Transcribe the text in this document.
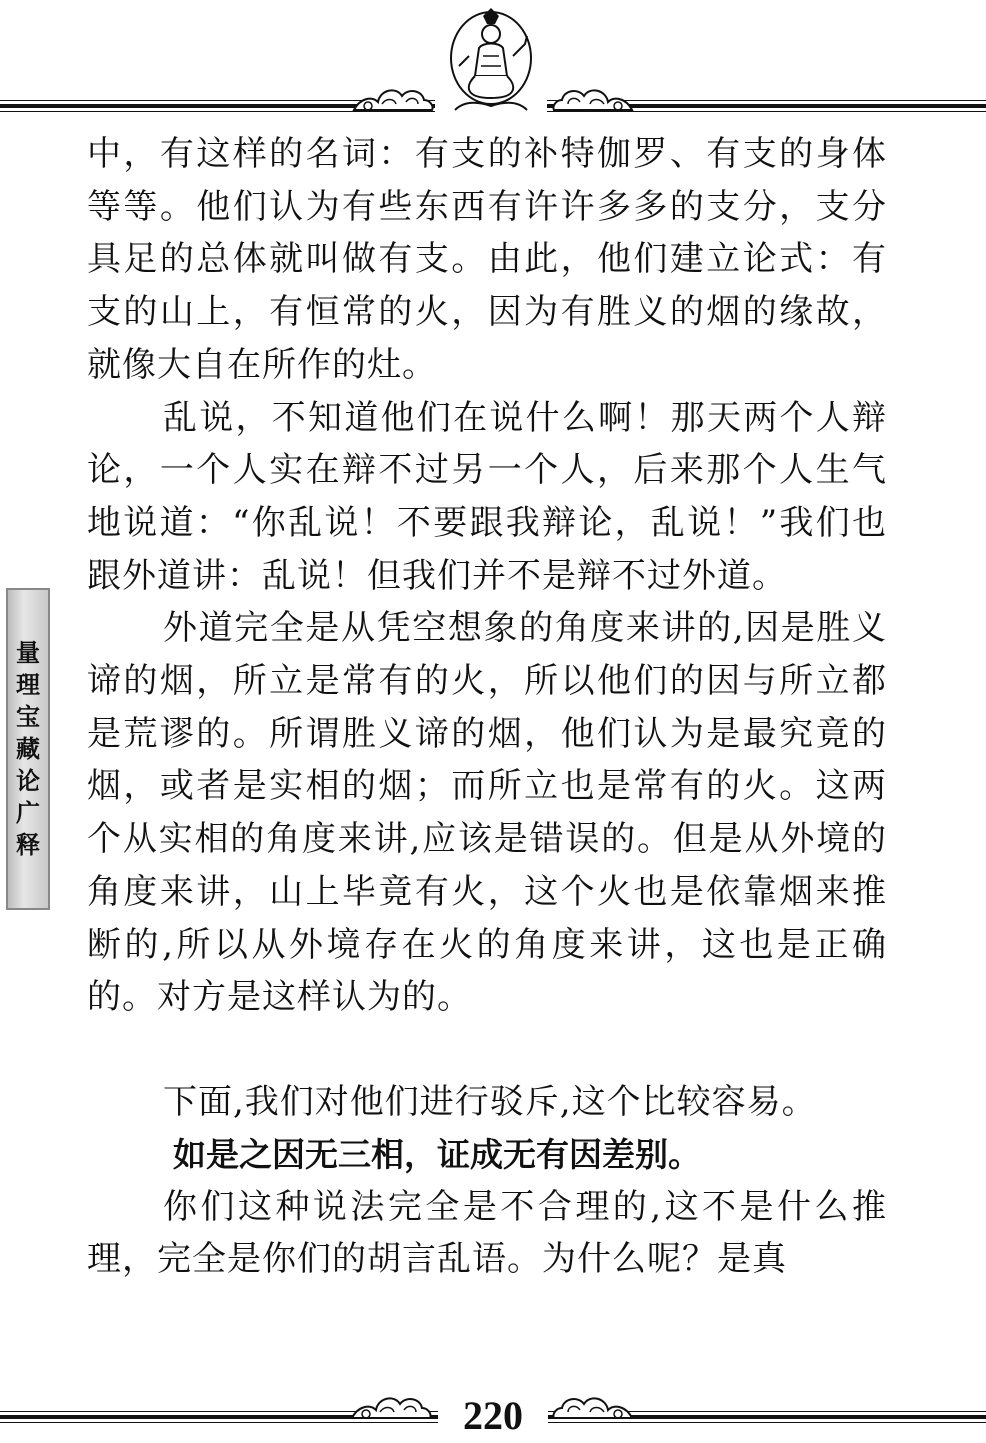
量
理
宝
藏
论
广
释

中，有这样的名词：有支的补特伽罗、有支的身体等等。他们认为有些东西有许许多多的支分，支分具足的总体就叫做有支。由此，他们建立论式：有支的山上，有恒常的火，因为有胜义的烟的缘故，就像大自在所作的灶。

乱说，不知道他们在说什么啊！那天两个人辩论，一个人实在辩不过另一个人，后来那个人生气地说道：“你乱说！不要跟我辩论，乱说！”我们也跟外道讲：乱说！但我们并不是辩不过外道。

外道完全是从凭空想象的角度来讲的,因是胜义谛的烟，所立是常有的火，所以他们的因与所立都是荒谬的。所谓胜义谛的烟，他们认为是最究竟的烟，或者是实相的烟；而所立也是常有的火。这两个从实相的角度来讲,应该是错误的。但是从外境的角度来讲，山上毕竟有火，这个火也是依靠烟来推断的,所以从外境存在火的角度来讲，这也是正确的。对方是这样认为的。

下面,我们对他们进行驳斥,这个比较容易。

如是之因无三相，证成无有因差别。

你们这种说法完全是不合理的,这不是什么推理，完全是你们的胡言乱语。为什么呢？是真

220
